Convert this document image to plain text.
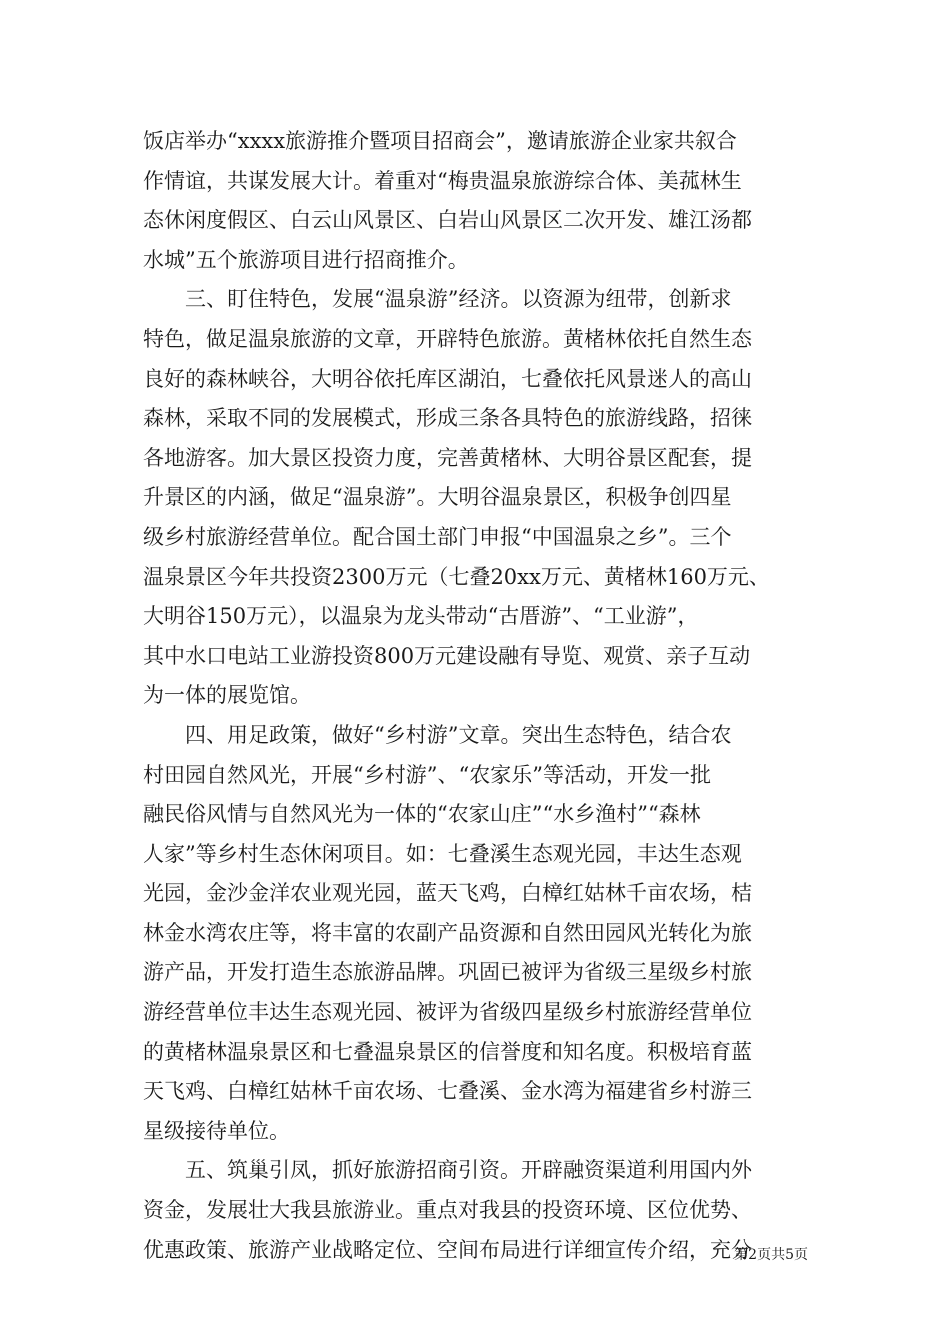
饭店举办“xxxx旅游推介暨项目招商会”，邀请旅游企业家共叙合
作情谊，共谋发展大计。着重对“梅贵温泉旅游综合体、美菰林生
态休闲度假区、白云山风景区、白岩山风景区二次开发、雄江汤都
水城”五个旅游项目进行招商推介。
三、盯住特色，发展“温泉游”经济。以资源为纽带，创新求
特色，做足温泉旅游的文章，开辟特色旅游。黄楮林依托自然生态
良好的森林峡谷，大明谷依托库区湖泊，七叠依托风景迷人的高山
森林，采取不同的发展模式，形成三条各具特色的旅游线路，招徕
各地游客。加大景区投资力度，完善黄楮林、大明谷景区配套，提
升景区的内涵，做足“温泉游”。大明谷温泉景区，积极争创四星
级乡村旅游经营单位。配合国土部门申报“中国温泉之乡”。三个
温泉景区今年共投资2300万元（七叠20xx万元、黄楮林160万元、
大明谷150万元），以温泉为龙头带动“古厝游”、“工业游”，
其中水口电站工业游投资800万元建设融有导览、观赏、亲子互动
为一体的展览馆。
四、用足政策，做好“乡村游”文章。突出生态特色，结合农
村田园自然风光，开展“乡村游”、“农家乐”等活动，开发一批
融民俗风情与自然风光为一体的“农家山庄”“水乡渔村”“森林
人家”等乡村生态休闲项目。如：七叠溪生态观光园，丰达生态观
光园，金沙金洋农业观光园，蓝天飞鸡，白樟红姑林千亩农场，桔
林金水湾农庄等，将丰富的农副产品资源和自然田园风光转化为旅
游产品，开发打造生态旅游品牌。巩固已被评为省级三星级乡村旅
游经营单位丰达生态观光园、被评为省级四星级乡村旅游经营单位
的黄楮林温泉景区和七叠温泉景区的信誉度和知名度。积极培育蓝
天飞鸡、白樟红姑林千亩农场、七叠溪、金水湾为福建省乡村游三
星级接待单位。
五、筑巢引凤，抓好旅游招商引资。开辟融资渠道利用国内外
资金，发展壮大我县旅游业。重点对我县的投资环境、区位优势、
优惠政策、旅游产业战略定位、空间布局进行详细宣传介绍，充分
第2页共5页
